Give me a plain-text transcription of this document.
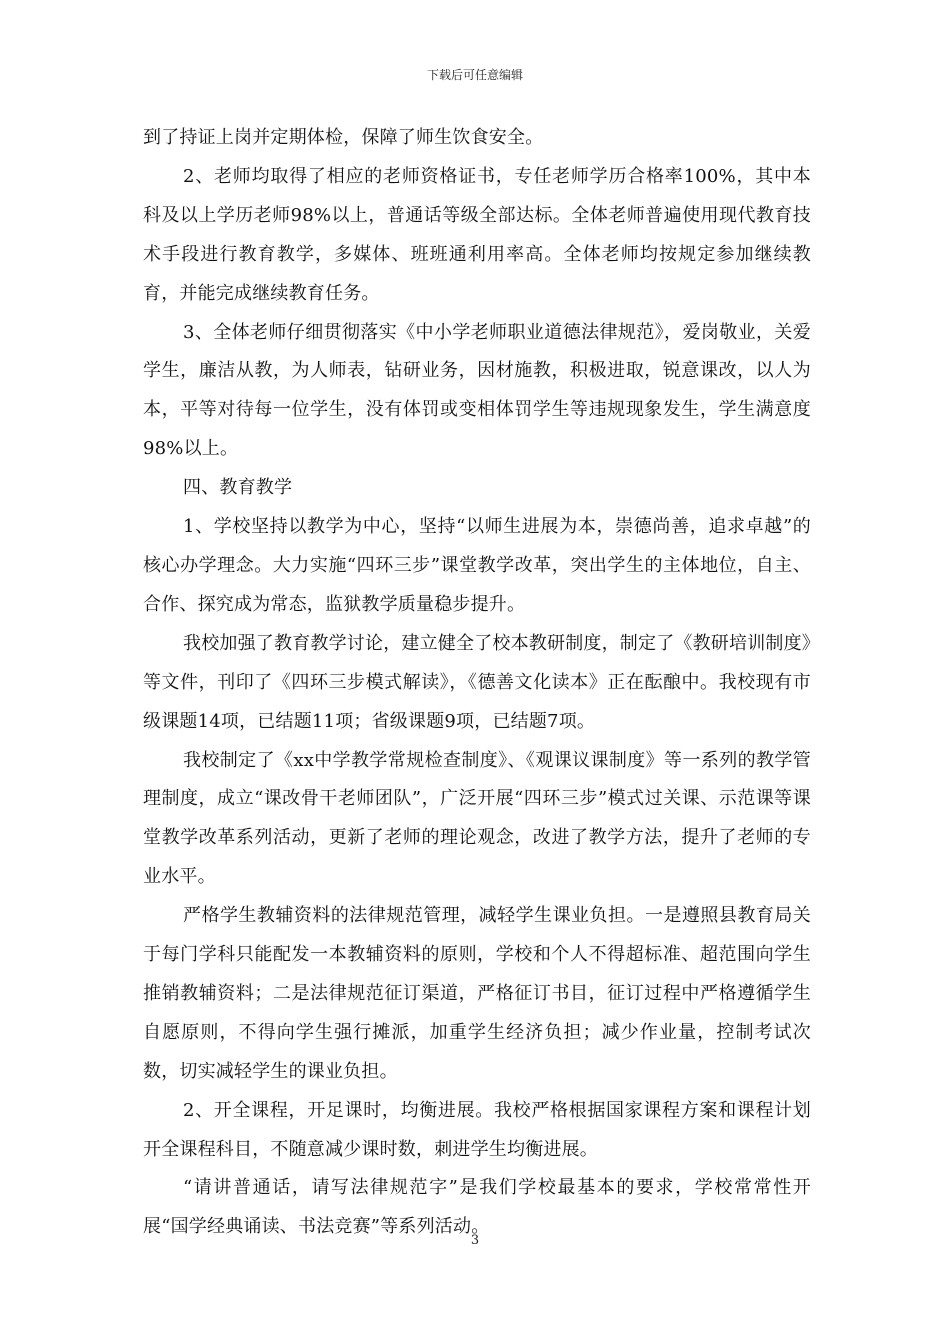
下载后可任意编辑

到了持证上岗并定期体检，保障了师生饮食安全。

2、老师均取得了相应的老师资格证书，专任老师学历合格率100%，其中本科及以上学历老师98%以上，普通话等级全部达标。全体老师普遍使用现代教育技术手段进行教育教学，多媒体、班班通利用率高。全体老师均按规定参加继续教育，并能完成继续教育任务。

3、全体老师仔细贯彻落实《中小学老师职业道德法律规范》，爱岗敬业，关爱学生，廉洁从教，为人师表，钻研业务，因材施教，积极进取，锐意课改，以人为本，平等对待每一位学生，没有体罚或变相体罚学生等违规现象发生，学生满意度98%以上。

四、教育教学

1、学校坚持以教学为中心，坚持“以师生进展为本，崇德尚善，追求卓越”的核心办学理念。大力实施“四环三步”课堂教学改革，突出学生的主体地位，自主、合作、探究成为常态，监狱教学质量稳步提升。

我校加强了教育教学讨论，建立健全了校本教研制度，制定了《教研培训制度》等文件，刊印了《四环三步模式解读》，《德善文化读本》正在酝酿中。我校现有市级课题14项，已结题11项；省级课题9项，已结题7项。

我校制定了《xx中学教学常规检查制度》、《观课议课制度》等一系列的教学管理制度，成立“课改骨干老师团队”，广泛开展“四环三步”模式过关课、示范课等课堂教学改革系列活动，更新了老师的理论观念，改进了教学方法，提升了老师的专业水平。

严格学生教辅资料的法律规范管理，减轻学生课业负担。一是遵照县教育局关于每门学科只能配发一本教辅资料的原则，学校和个人不得超标准、超范围向学生推销教辅资料；二是法律规范征订渠道，严格征订书目，征订过程中严格遵循学生自愿原则，不得向学生强行摊派，加重学生经济负担；减少作业量，控制考试次数，切实减轻学生的课业负担。

2、开全课程，开足课时，均衡进展。我校严格根据国家课程方案和课程计划开全课程科目，不随意减少课时数，刺进学生均衡进展。

“请讲普通话，请写法律规范字”是我们学校最基本的要求，学校常常性开展“国学经典诵读、书法竞赛”等系列活动。

3
